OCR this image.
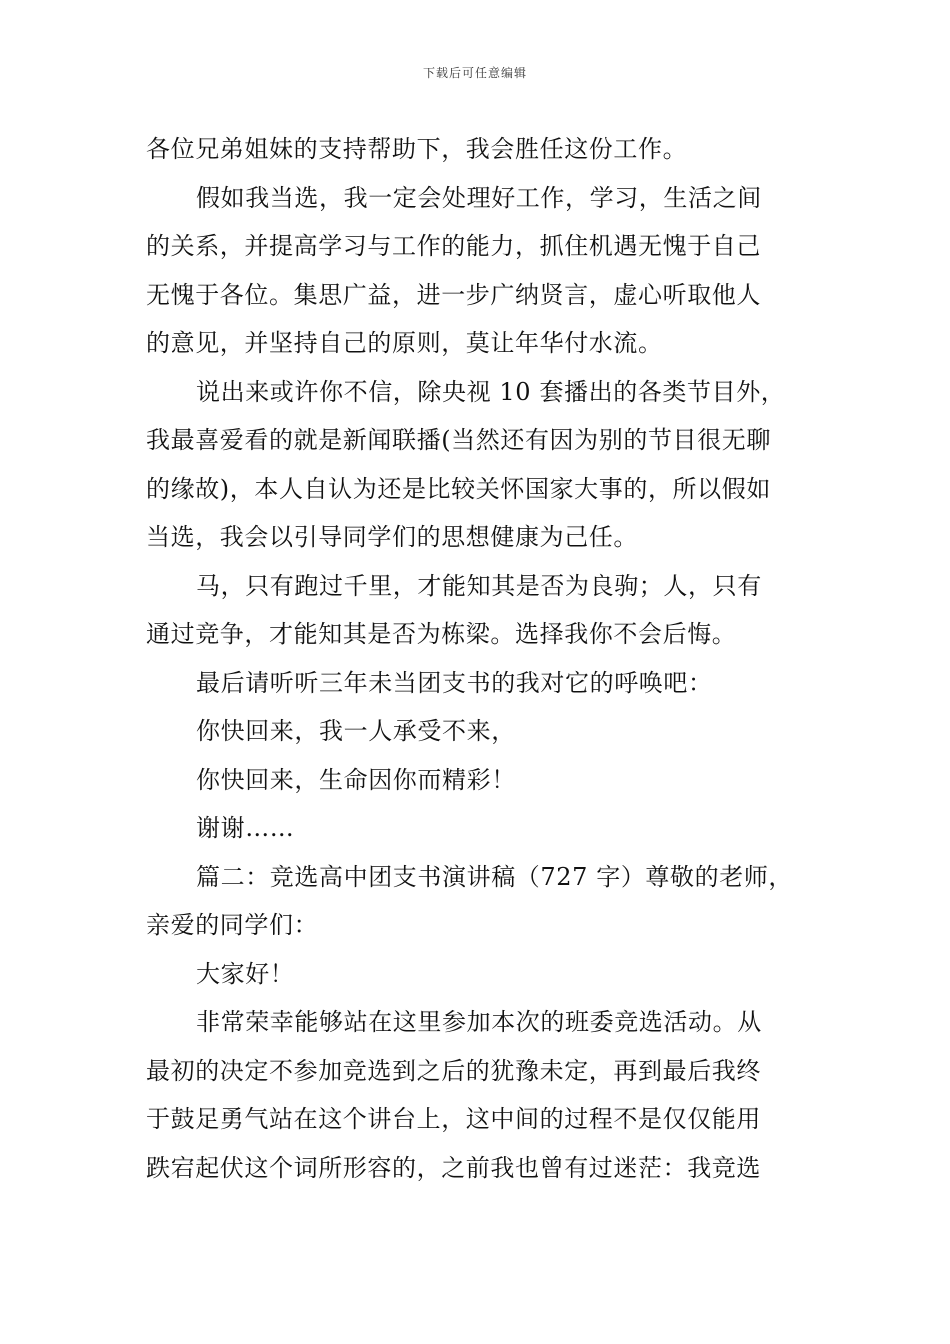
下载后可任意编辑
各位兄弟姐妹的支持帮助下，我会胜任这份工作。
假如我当选，我一定会处理好工作，学习，生活之间
的关系，并提高学习与工作的能力，抓住机遇无愧于自己
无愧于各位。集思广益，进一步广纳贤言，虚心听取他人
的意见，并坚持自己的原则，莫让年华付水流。
说出来或许你不信，除央视 10 套播出的各类节目外，
我最喜爱看的就是新闻联播(当然还有因为别的节目很无聊
的缘故)，本人自认为还是比较关怀国家大事的，所以假如
当选，我会以引导同学们的思想健康为己任。
马，只有跑过千里，才能知其是否为良驹；人，只有
通过竞争，才能知其是否为栋梁。选择我你不会后悔。
最后请听听三年未当团支书的我对它的呼唤吧：
你快回来，我一人承受不来，
你快回来，生命因你而精彩！
谢谢……
篇二：竞选高中团支书演讲稿（727 字）尊敬的老师，
亲爱的同学们：
大家好！
非常荣幸能够站在这里参加本次的班委竞选活动。从
最初的决定不参加竞选到之后的犹豫未定，再到最后我终
于鼓足勇气站在这个讲台上，这中间的过程不是仅仅能用
跌宕起伏这个词所形容的，之前我也曾有过迷茫：我竞选
